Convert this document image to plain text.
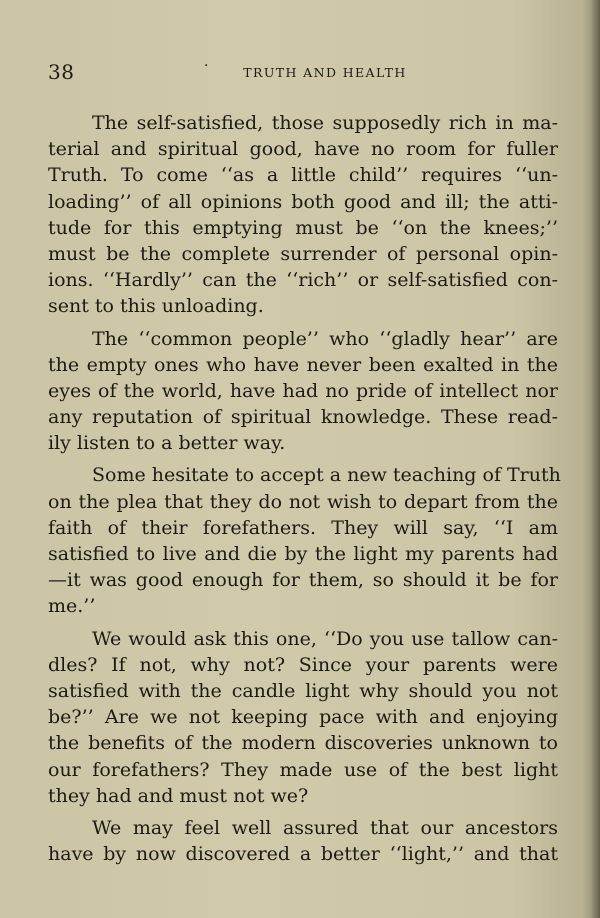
38	·	TRUTH AND HEALTH
The self-satisfied, those supposedly rich in ma-
terial and spiritual good, have no room for fuller
Truth. To come ‘‘as a little child’’ requires ‘‘un-
loading’’ of all opinions both good and ill; the atti-
tude for this emptying must be ‘‘on the knees;’’
must be the complete surrender of personal opin-
ions. ‘‘Hardly’’ can the ‘‘rich’’ or self-satisfied con-
sent to this unloading.
The ‘‘common people’’ who ‘‘gladly hear’’ are
the empty ones who have never been exalted in the
eyes of the world, have had no pride of intellect nor
any reputation of spiritual knowledge. These read-
ily listen to a better way.
Some hesitate to accept a new teaching of Truth
on the plea that they do not wish to depart from the
faith of their forefathers. They will say, ‘‘I am
satisfied to live and die by the light my parents had
—it was good enough for them, so should it be for
me.’’
We would ask this one, ‘‘Do you use tallow can-
dles? If not, why not? Since your parents were
satisfied with the candle light why should you not
be?’’ Are we not keeping pace with and enjoying
the benefits of the modern discoveries unknown to
our forefathers? They made use of the best light
they had and must not we?
We may feel well assured that our ancestors
have by now discovered a better ‘‘light,’’ and that
